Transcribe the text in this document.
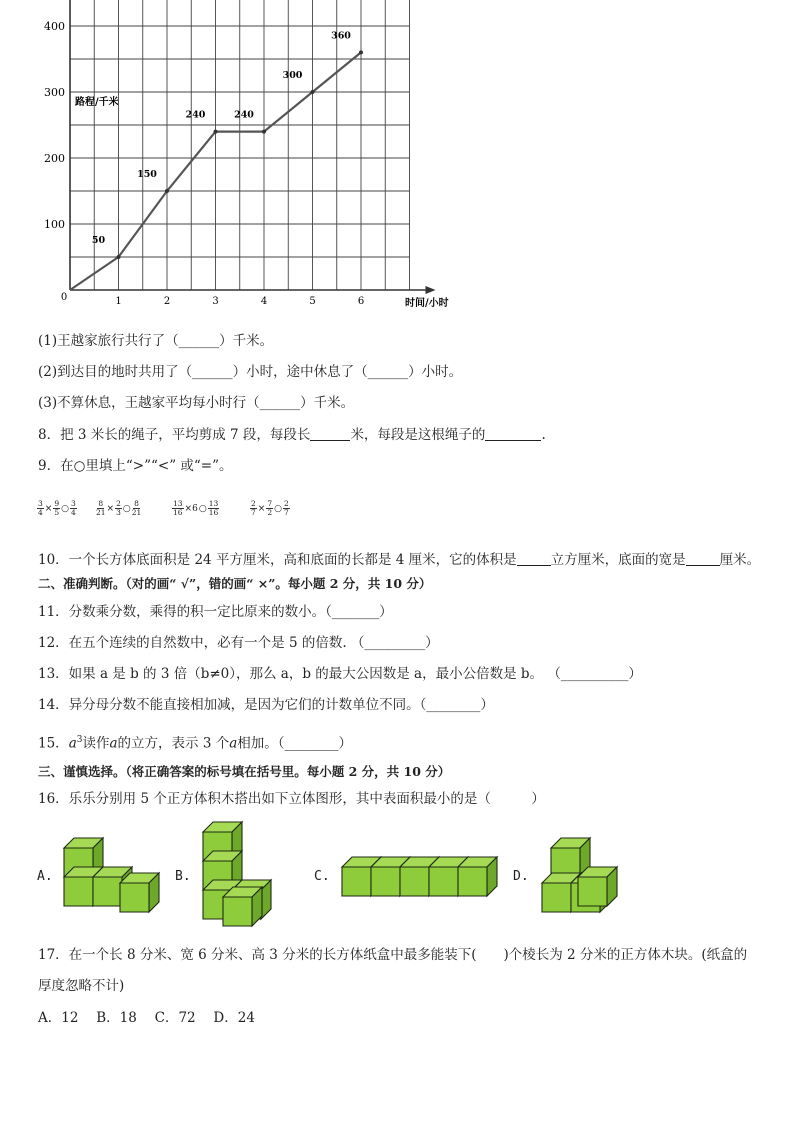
路程/千米
时间/小时
0	1	2	3	4	5	6
100
200
300
400
50
150
240	240
300
360
(1)王越家旅行共行了（______）千米。
(2)到达目的地时共用了（______）小时，途中休息了（______）小时。
(3)不算休息，王越家平均每小时行（______）千米。
8．把 3 米长的绳子，平均剪成 7 段，每段长	米，每段是这根绳子的	.
9．在○里填上“>”“<” 或“=”。
$\frac{3}{4} \times \frac{9}{5}$ ○ $\frac{3}{4}$	$\frac{8}{21} \times \frac{2}{3}$ ○ $\frac{8}{21}$	$\frac{13}{16} \times 6$ ○ $\frac{13}{16}$	$\frac{2}{7} \times \frac{7}{2}$ ○ $\frac{2}{7}$
10．一个长方体底面积是 24 平方厘米，高和底面的长都是 4 厘米，它的体积是	立方厘米，底面的宽是	厘米。
二、准确判断。（对的画“ √”，错的画“ ×”。每小题 2 分，共 10 分）
11．分数乘分数，乘得的积一定比原来的数小。（_______）
12．在五个连续的自然数中，必有一个是 5 的倍数. （_________）
13．如果 a 是 b 的 3 倍（b≠0），那么 a，b 的最大公因数是 a，最小公倍数是 b。 （__________）
14．异分母分数不能直接相加减，是因为它们的计数单位不同。（________）
15．$a^3$读作a的立方，表示 3 个a相加。（________）
三、谨慎选择。（将正确答案的标号填在括号里。每小题 2 分，共 10 分）
16．乐乐分别用 5 个正方体积木搭出如下立体图形，其中表面积最小的是（　　　）
A.	B.	C.	D.
17．在一个长 8 分米、宽 6 分米、高 3 分米的长方体纸盒中最多能装下(　　)个棱长为 2 分米的正方体木块。(纸盒的
厚度忽略不计)
A．12　 B．18　 C．72　 D．24
